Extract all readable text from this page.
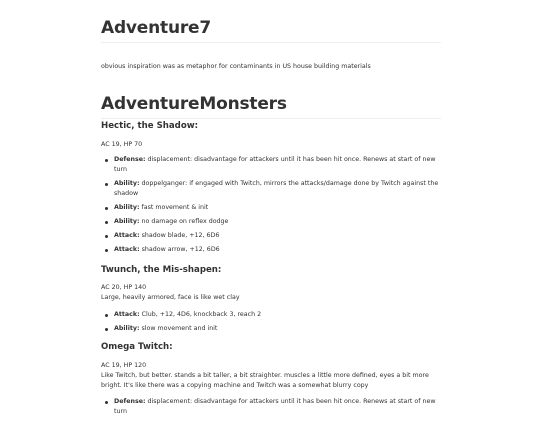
Adventure7

obvious inspiration was as metaphor for contaminants in US house building materials

AdventureMonsters
Hectic, the Shadow:

AC 19, HP 70

Defense: displacement: disadvantage for attackers until it has been hit once. Renews at start of new turn
Ability: doppelganger: if engaged with Twitch, mirrors the attacks/damage done by Twitch against the shadow
Ability: fast movement & init
Ability: no damage on reflex dodge
Attack: shadow blade, +12, 6D6
Attack: shadow arrow, +12, 6D6
Twunch, the Mis-shapen:

AC 20, HP 140

Large, heavily armored, face is like wet clay

Attack: Club, +12, 4D6, knockback 3, reach 2
Ability: slow movement and init
Omega Twitch:

AC 19, HP 120

Like Twitch, but better. stands a bit taller, a bit straighter. muscles a little more defined, eyes a bit more bright. It's like there was a copying machine and Twitch was a somewhat blurry copy

Defense: displacement: disadvantage for attackers until it has been hit once. Renews at start of new turn
